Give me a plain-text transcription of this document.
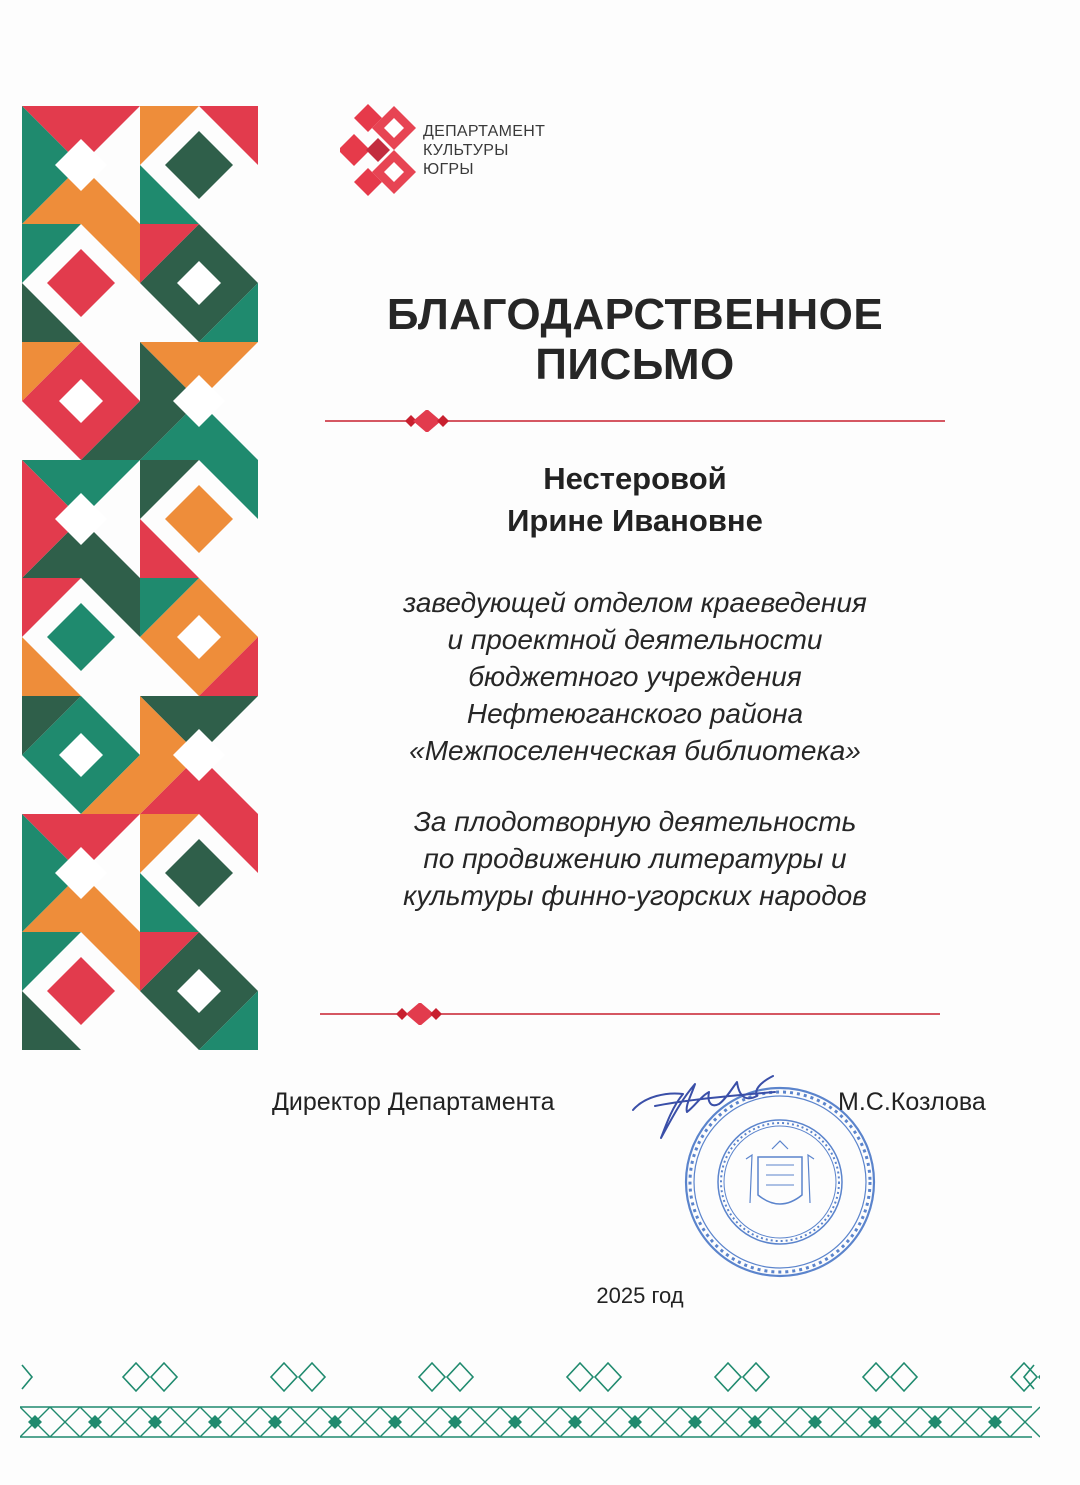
ДЕПАРТАМЕНТ
КУЛЬТУРЫ
ЮГРЫ
БЛАГОДАРСТВЕННОЕ
ПИСЬМО
Нестеровой
Ирине Ивановне
заведующей отделом краеведения
и проектной деятельности
бюджетного учреждения
Нефтеюганского района
«Межпоселенческая библиотека»
За плодотворную деятельность
по продвижению литературы и
культуры финно-угорских народов
Директор Департамента	М.С.Козлова
2025 год
